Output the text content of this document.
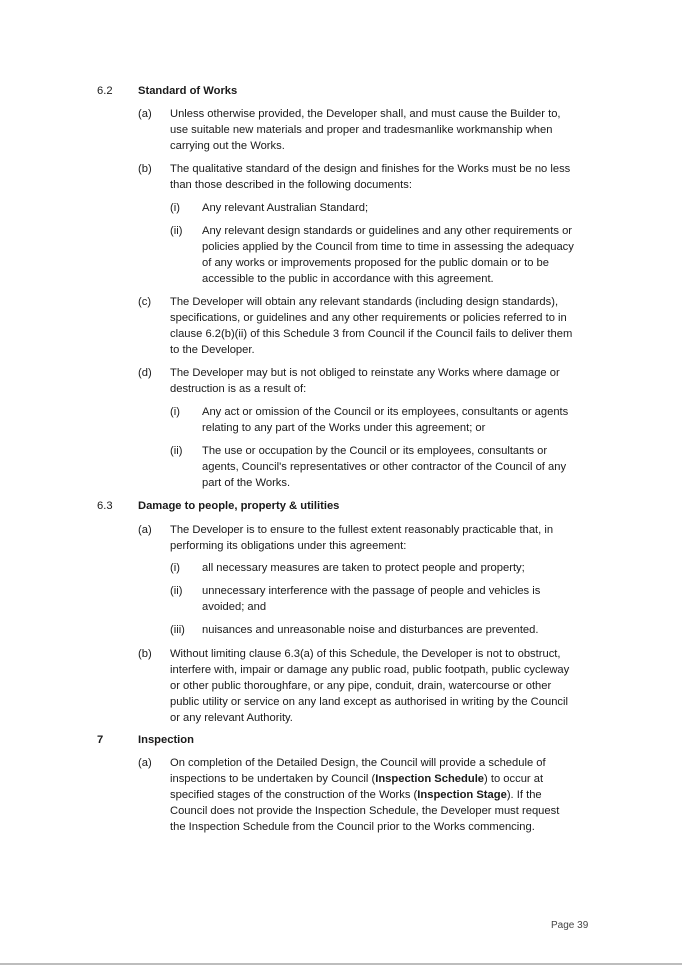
6.2 Standard of Works
(a) Unless otherwise provided, the Developer shall, and must cause the Builder to,
use suitable new materials and proper and tradesmanlike workmanship when
carrying out the Works.
(b) The qualitative standard of the design and finishes for the Works must be no less
than those described in the following documents:
(i) Any relevant Australian Standard;
(ii) Any relevant design standards or guidelines and any other requirements or
policies applied by the Council from time to time in assessing the adequacy
of any works or improvements proposed for the public domain or to be
accessible to the public in accordance with this agreement.
(c) The Developer will obtain any relevant standards (including design standards),
specifications, or guidelines and any other requirements or policies referred to in
clause 6.2(b)(ii) of this Schedule 3 from Council if the Council fails to deliver them
to the Developer.
(d) The Developer may but is not obliged to reinstate any Works where damage or
destruction is as a result of:
(i) Any act or omission of the Council or its employees, consultants or agents
relating to any part of the Works under this agreement; or
(ii) The use or occupation by the Council or its employees, consultants or
agents, Council's representatives or other contractor of the Council of any
part of the Works.
6.3 Damage to people, property & utilities
(a) The Developer is to ensure to the fullest extent reasonably practicable that, in
performing its obligations under this agreement:
(i) all necessary measures are taken to protect people and property;
(ii) unnecessary interference with the passage of people and vehicles is
avoided; and
(iii) nuisances and unreasonable noise and disturbances are prevented.
(b) Without limiting clause 6.3(a) of this Schedule, the Developer is not to obstruct,
interfere with, impair or damage any public road, public footpath, public cycleway
or other public thoroughfare, or any pipe, conduit, drain, watercourse or other
public utility or service on any land except as authorised in writing by the Council
or any relevant Authority.
7	Inspection
(a) On completion of the Detailed Design, the Council will provide a schedule of
inspections to be undertaken by Council (Inspection Schedule) to occur at
specified stages of the construction of the Works (Inspection Stage). If the
Council does not provide the Inspection Schedule, the Developer must request
the Inspection Schedule from the Council prior to the Works commencing.
Page 39
